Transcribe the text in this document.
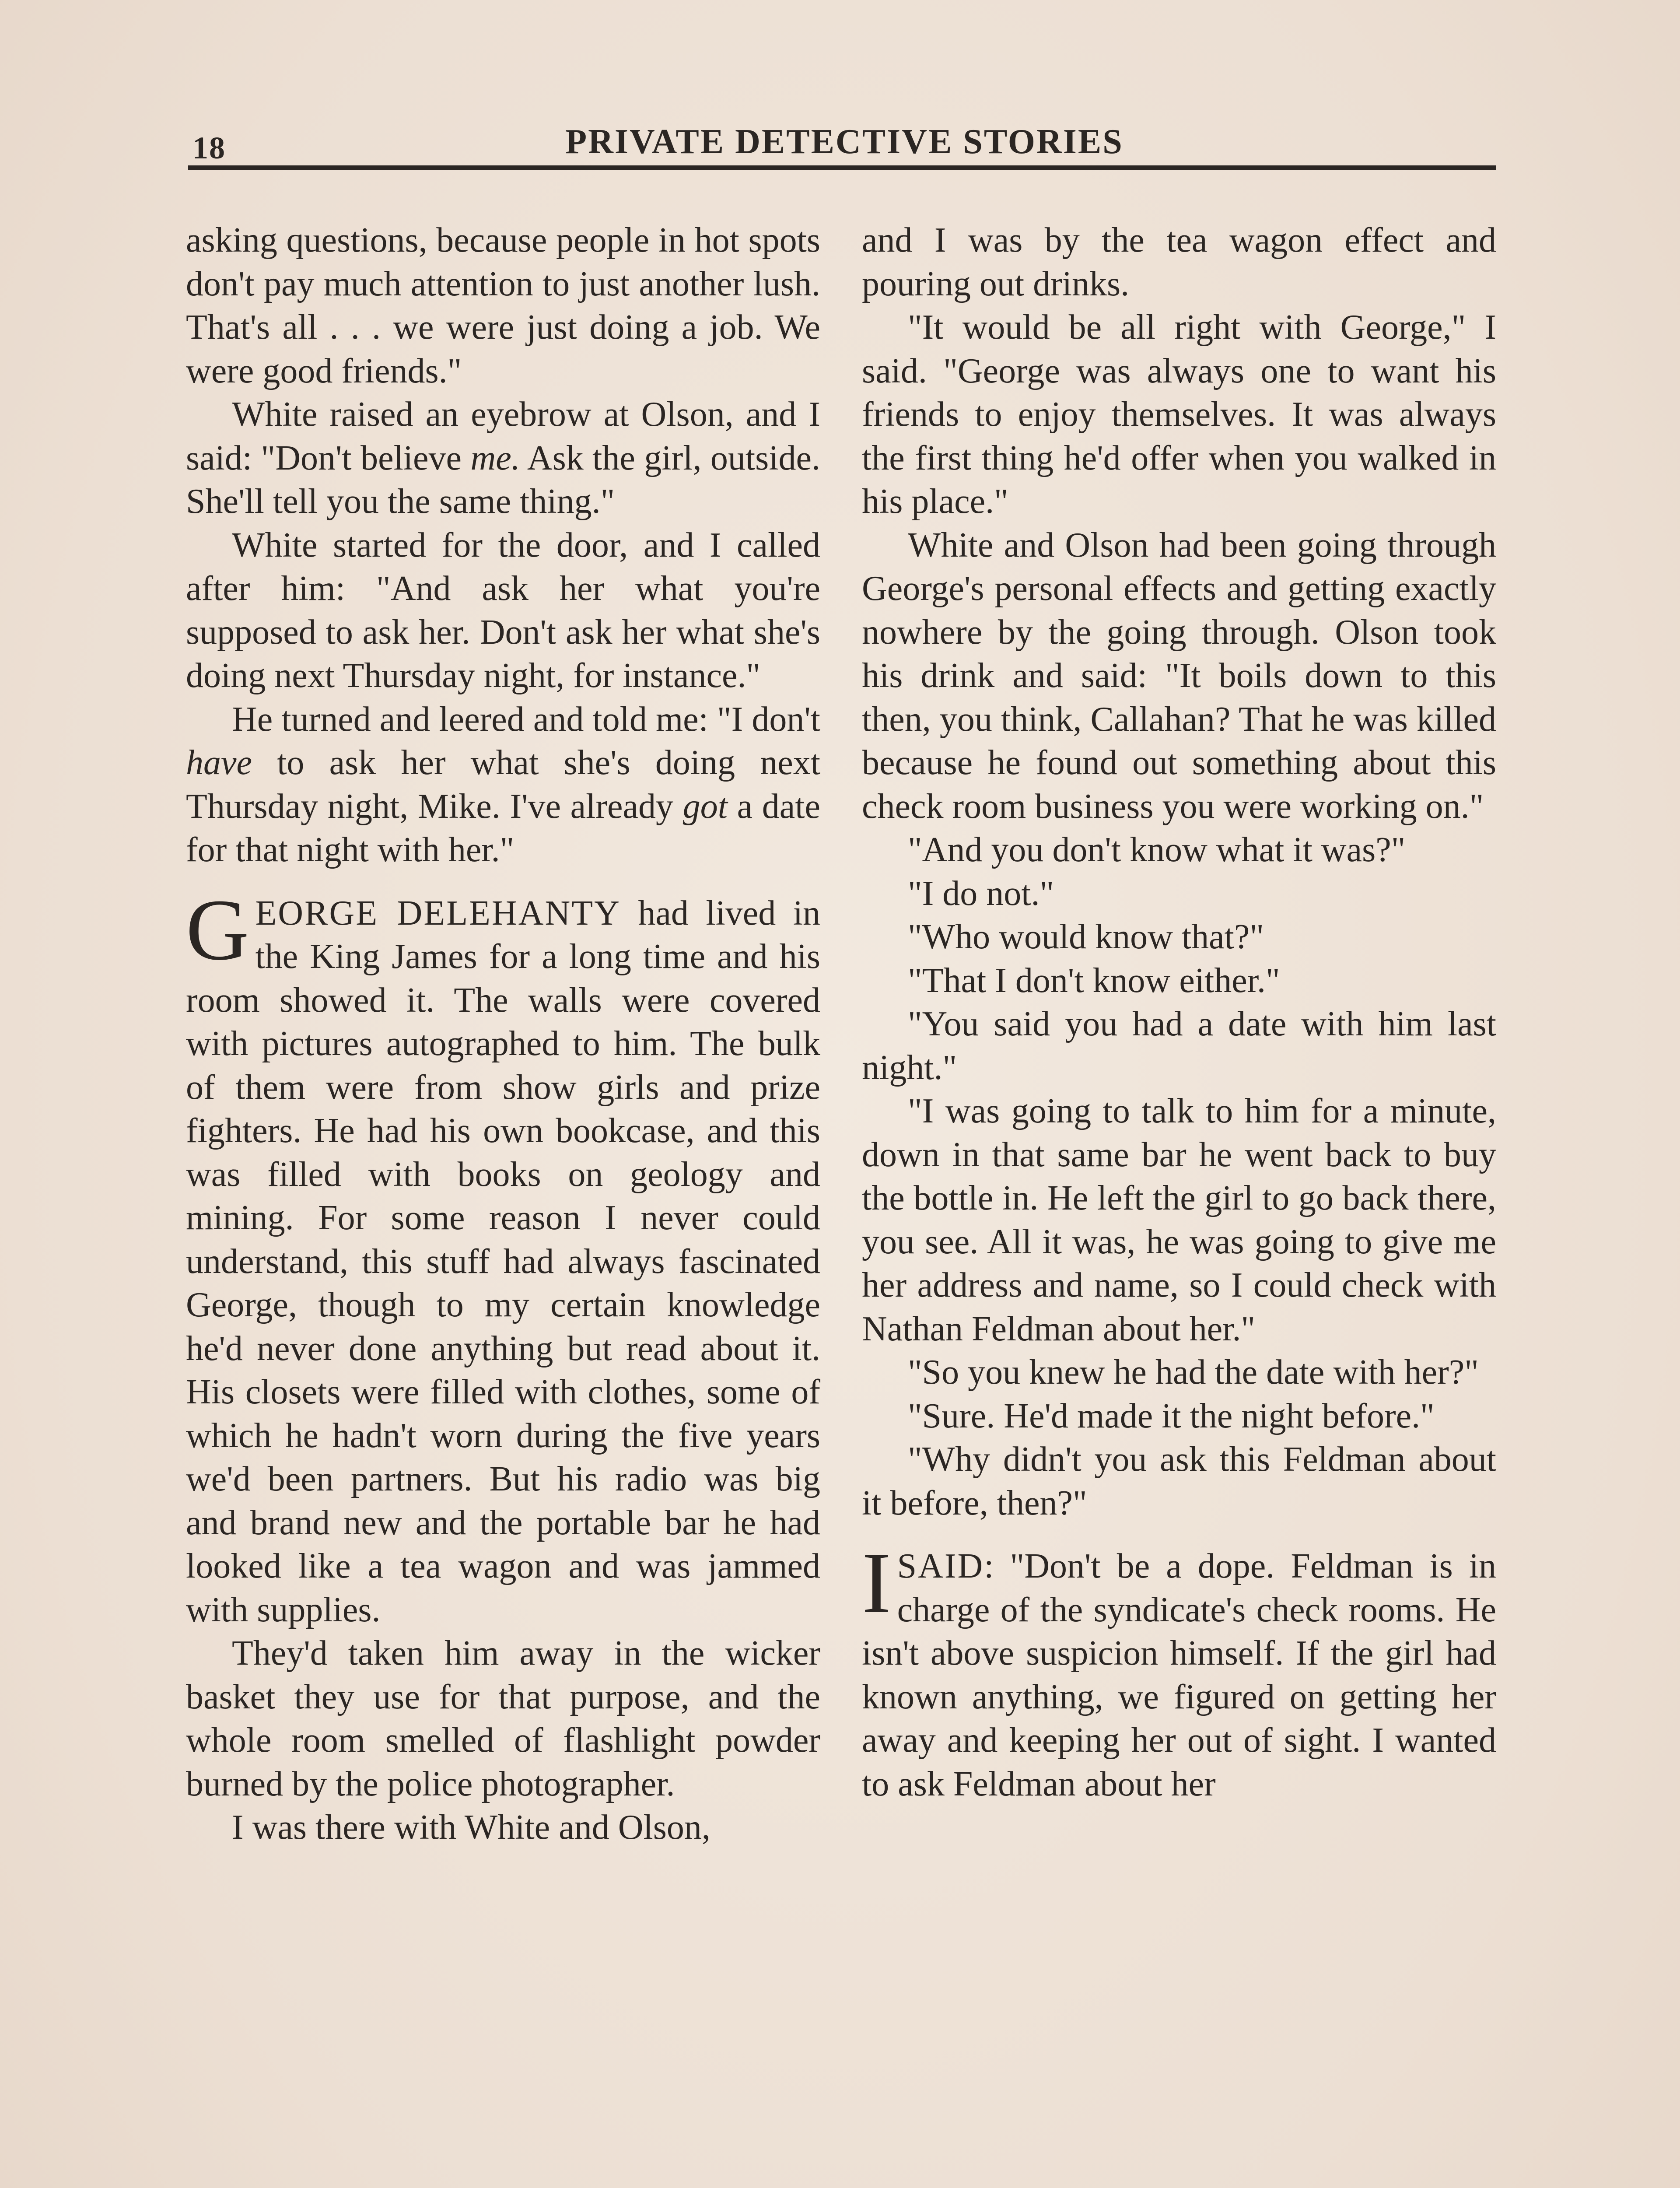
18	PRIVATE DETECTIVE STORIES

asking questions, because people in hot spots don't pay much attention to just another lush. That's all . . . we were just doing a job. We were good friends."

White raised an eyebrow at Olson, and I said: "Don't believe me. Ask the girl, outside. She'll tell you the same thing."

White started for the door, and I called after him: "And ask her what you're supposed to ask her. Don't ask her what she's doing next Thursday night, for instance."

He turned and leered and told me: "I don't have to ask her what she's doing next Thursday night, Mike. I've already got a date for that night with her."

GEORGE DELEHANTY had lived in the King James for a long time and his room showed it. The walls were covered with pictures autographed to him. The bulk of them were from show girls and prize fighters. He had his own bookcase, and this was filled with books on geology and mining. For some reason I never could understand, this stuff had always fascinated George, though to my certain knowledge he'd never done anything but read about it. His closets were filled with clothes, some of which he hadn't worn during the five years we'd been partners. But his radio was big and brand new and the portable bar he had looked like a tea wagon and was jammed with supplies.

They'd taken him away in the wicker basket they use for that purpose, and the whole room smelled of flashlight powder burned by the police photographer.

I was there with White and Olson,

and I was by the tea wagon effect and pouring out drinks.

"It would be all right with George," I said. "George was always one to want his friends to enjoy themselves. It was always the first thing he'd offer when you walked in his place."

White and Olson had been going through George's personal effects and getting exactly nowhere by the going through. Olson took his drink and said: "It boils down to this then, you think, Callahan? That he was killed because he found out something about this check room business you were working on."

"And you don't know what it was?"

"I do not."

"Who would know that?"

"That I don't know either."

"You said you had a date with him last night."

"I was going to talk to him for a minute, down in that same bar he went back to buy the bottle in. He left the girl to go back there, you see. All it was, he was going to give me her address and name, so I could check with Nathan Feldman about her."

"So you knew he had the date with her?"

"Sure. He'd made it the night before."

"Why didn't you ask this Feldman about it before, then?"

I SAID: "Don't be a dope. Feldman is in charge of the syndicate's check rooms. He isn't above suspicion himself. If the girl had known anything, we figured on getting her away and keeping her out of sight. I wanted to ask Feldman about her
